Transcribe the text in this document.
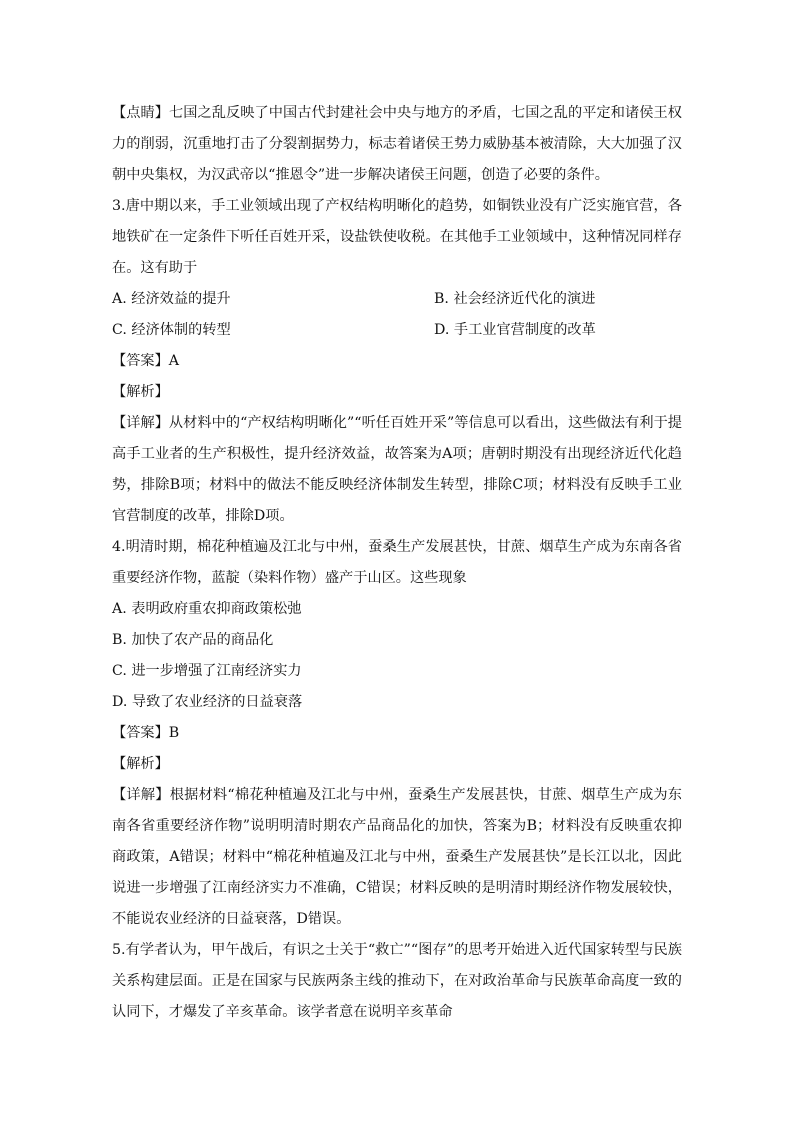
【点睛】七国之乱反映了中国古代封建社会中央与地方的矛盾，七国之乱的平定和诸侯王权力的削弱，沉重地打击了分裂割据势力，标志着诸侯王势力威胁基本被清除，大大加强了汉朝中央集权，为汉武帝以“推恩令”进一步解决诸侯王问题，创造了必要的条件。

3.唐中期以来，手工业领域出现了产权结构明晰化的趋势，如铜铁业没有广泛实施官营，各地铁矿在一定条件下听任百姓开采，设盐铁使收税。在其他手工业领域中，这种情况同样存在。这有助于

A. 经济效益的提升	B. 社会经济近代化的演进

C. 经济体制的转型	D. 手工业官营制度的改革

【答案】A

【解析】

【详解】从材料中的“产权结构明晰化”“听任百姓开采”等信息可以看出，这些做法有利于提高手工业者的生产积极性，提升经济效益，故答案为A项；唐朝时期没有出现经济近代化趋势，排除B项；材料中的做法不能反映经济体制发生转型，排除C项；材料没有反映手工业官营制度的改革，排除D项。

4.明清时期，棉花种植遍及江北与中州，蚕桑生产发展甚快，甘蔗、烟草生产成为东南各省重要经济作物，蓝靛（染料作物）盛产于山区。这些现象

A. 表明政府重农抑商政策松弛

B. 加快了农产品的商品化

C. 进一步增强了江南经济实力

D. 导致了农业经济的日益衰落

【答案】B

【解析】

【详解】根据材料“棉花种植遍及江北与中州，蚕桑生产发展甚快，甘蔗、烟草生产成为东南各省重要经济作物”说明明清时期农产品商品化的加快，答案为B；材料没有反映重农抑商政策，A错误；材料中“棉花种植遍及江北与中州，蚕桑生产发展甚快”是长江以北，因此说进一步增强了江南经济实力不准确，C错误；材料反映的是明清时期经济作物发展较快，不能说农业经济的日益衰落，D错误。

5.有学者认为，甲午战后，有识之士关于“救亡”“图存”的思考开始进入近代国家转型与民族关系构建层面。正是在国家与民族两条主线的推动下，在对政治革命与民族革命高度一致的认同下，才爆发了辛亥革命。该学者意在说明辛亥革命
